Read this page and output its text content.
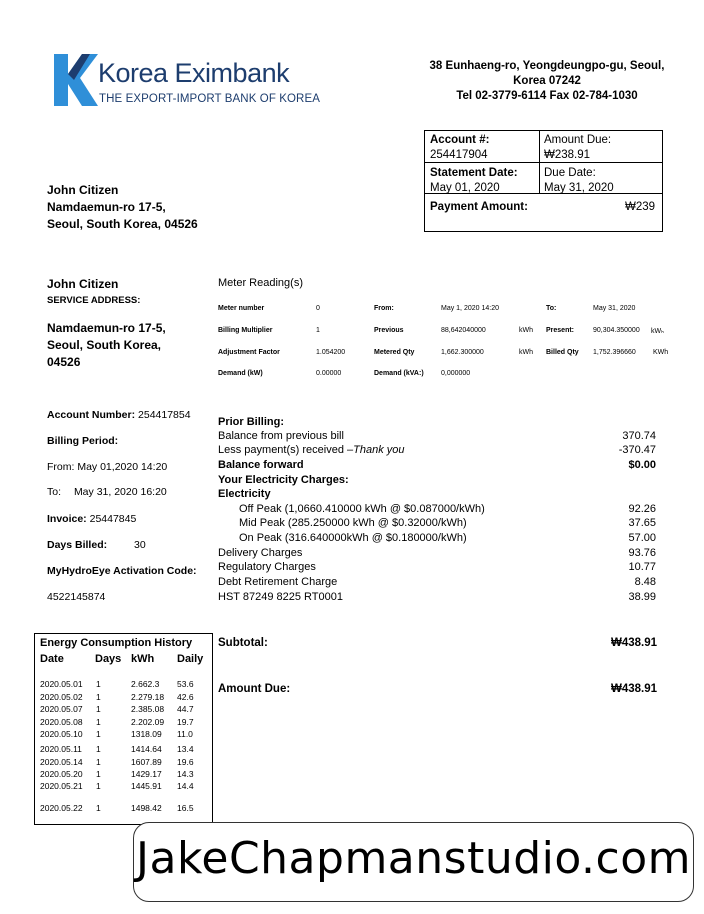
Korea Eximbank
THE EXPORT-IMPORT BANK OF KOREA
38 Eunhaeng-ro, Yeongdeungpo-gu, Seoul,
Korea 07242
Tel 02-3779-6114 Fax 02-784-1030
Account #:
254417904
Amount Due:
₩238.91
Statement Date:
May 01, 2020
Due Date:
May 31, 2020
Payment Amount:	₩239
John Citizen
Namdaemun-ro 17-5,
Seoul, South Korea, 04526
John Citizen
SERVICE ADDRESS:
Namdaemun-ro 17-5,
Seoul, South Korea,
04526
Meter Reading(s)
Meter number	0	From:	May 1, 2020 14:20	To:	May 31, 2020
Billing Multiplier	1	Previous	88,642040000	kWh Present:	90,304.350000 kWₕ
Adjustment Factor	1.054200	Metered Qty	1,662.300000	kWh Billed Qty 1,752.396660 KWh
Demand (kW)	0.00000	Demand (kVA:) 0,000000
Account Number: 254417854
Billing Period:
From: May 01,2020 14:20
To: May 31, 2020 16:20
Invoice: 25447845
Days Billed:	30
MyHydroEye Activation Code:
4522145874
Prior Billing:
Balance from previous bill	370.74
Less payment(s) received –Thank you	-370.47
Balance forward	$0.00
Your Electricity Charges:
Electricity
Off Peak (1,0660.410000 kWh @ $0.087000/kWh)	92.26
Mid Peak (285.250000 kWh @ $0.32000/kWh)	37.65
On Peak (316.640000kWh @ $0.180000/kWh)	57.00
Delivery Charges	93.76
Regulatory Charges	10.77
Debt Retirement Charge	8.48
HST 87249 8225 RT0001	38.99
Subtotal:	₩438.91
Amount Due:	₩438.91
Energy Consumption History
Date	Days kWh Daily
2020.05.01 1	2.662.3 53.6
2020.05.02 1	2.279.18 42.6
2020.05.07 1	2.385.08 44.7
2020.05.08 1	2.202.09 19.7
2020.05.10 1	1318.09 11.0
2020.05.11 1	1414.64 13.4
2020.05.14 1	1607.89 19.6
2020.05.20 1	1429.17 14.3
2020.05.21 1	1445.91 14.4
2020.05.22 1	1498.42 16.5
JakeChapmanstudio.com
